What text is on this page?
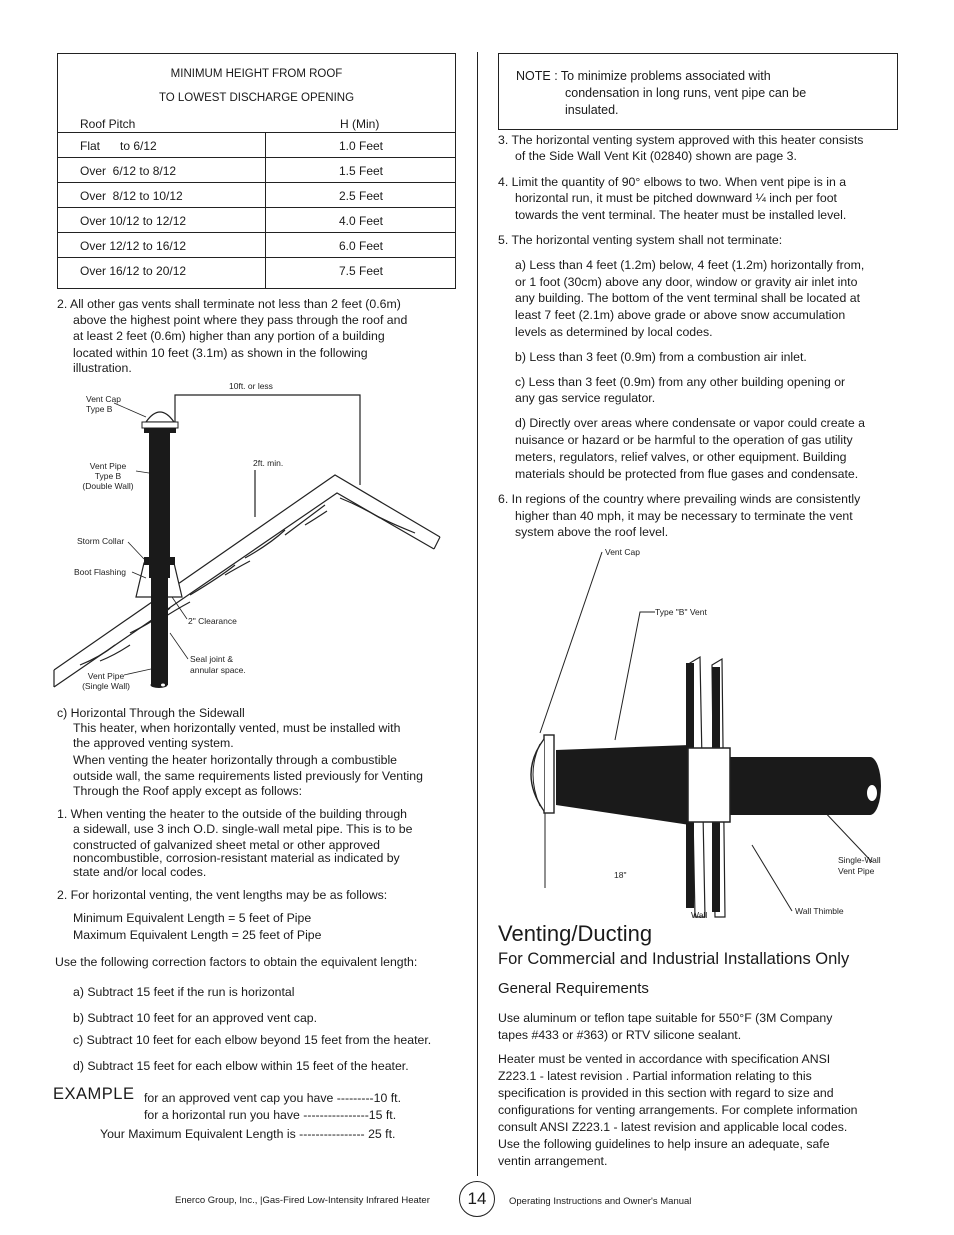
MINIMUM HEIGHT FROM ROOF
TO LOWEST DISCHARGE OPENING
Roof Pitch	H (Min)
Flat      to 6/12	1.0 Feet
Over  6/12 to 8/12	1.5 Feet
Over  8/12 to 10/12	2.5 Feet
Over 10/12 to 12/12	4.0 Feet
Over 12/12 to 16/12	6.0 Feet
Over 16/12 to 20/12	7.5 Feet

2. All other gas vents shall terminate not less than 2 feet (0.6m)

above the highest point where they pass through the roof and

at least 2 feet (0.6m) higher than any portion of a building

located within 10 feet (3.1m) as shown in the following

illustration.

10ft. or less
Vent Cap
Type B
Vent Pipe
Type B
(Double Wall)
2ft. min.
Storm Collar
Boot Flashing
2" Clearance
Seal joint &
annular space.
Vent Pipe
(Single Wall)

c) Horizontal Through the Sidewall

This heater, when horizontally vented, must be installed with

the approved venting system.

When venting the heater horizontally through a combustible

outside wall, the same requirements listed previously for Venting

Through the Roof apply except as follows:

1. When venting the heater to the outside of the building through

a sidewall, use 3 inch O.D. single-wall metal pipe. This is to be

constructed of galvanized sheet metal or other approved

noncombustible, corrosion-resistant material as indicated by

state and/or local codes.

2. For horizontal venting, the vent lengths may be as follows:

Minimum Equivalent Length = 5 feet of Pipe

Maximum Equivalent Length = 25 feet of Pipe

Use the following correction factors to obtain the equivalent length:

a) Subtract 15 feet if the run is horizontal

b) Subtract 10 feet for an approved vent cap.

c) Subtract 10 feet for each elbow beyond 15 feet from the heater.

d) Subtract 15 feet for each elbow within 15 feet of the heater.

EXAMPLE for an approved vent cap you have ---------10 ft.

for a horizontal run you have ----------------15 ft.

Your Maximum Equivalent Length is ---------------- 25 ft.

NOTE : To minimize problems associated with
condensation in long runs, vent pipe can be
insulated.

3. The horizontal venting system approved with this heater consists

of the Side Wall Vent Kit (02840) shown are page 3.

4. Limit the quantity of 90° elbows to two. When vent pipe is in a

horizontal run, it must be pitched downward ¼ inch per foot

towards the vent terminal. The heater must be installed level.

5. The horizontal venting system shall not terminate:

a) Less than 4 feet (1.2m) below, 4 feet (1.2m) horizontally from,

or 1 foot (30cm) above any door, window or gravity air inlet into

any building. The bottom of the vent terminal shall be located at

least 7 feet (2.1m) above grade or above snow accumulation

levels as determined by local codes.

b) Less than 3 feet (0.9m) from a combustion air inlet.

c) Less than 3 feet (0.9m) from any other building opening or

any gas service regulator.

d) Directly over areas where condensate or vapor could create a

nuisance or hazard or be harmful to the operation of gas utility

meters, regulators, relief valves, or other equipment. Building

materials should be protected from flue gases and condensate.

6. In regions of the country where prevailing winds are consistently

higher than 40 mph, it may be necessary to terminate the vent

system above the roof level.

Vent Cap
Type "B" Vent
Single-Wall
Vent Pipe
18"
Wall	Wall Thimble
Venting/Ducting
For Commercial and Industrial Installations Only
General Requirements

Use aluminum or teflon tape suitable for 550°F (3M Company

tapes #433 or #363) or RTV silicone sealant.

Heater must be vented in accordance with specification ANSI

Z223.1 - latest revision . Partial information relating to this

specification is provided in this section with regard to size and

configurations for venting arrangements. For complete information

consult ANSI Z223.1 - latest revision and applicable local codes.

Use the following guidelines to help insure an adequate, safe

ventin arrangement.

Enerco Group, Inc., |Gas-Fired Low-Intensity Infrared Heater	14	Operating Instructions and Owner's Manual
